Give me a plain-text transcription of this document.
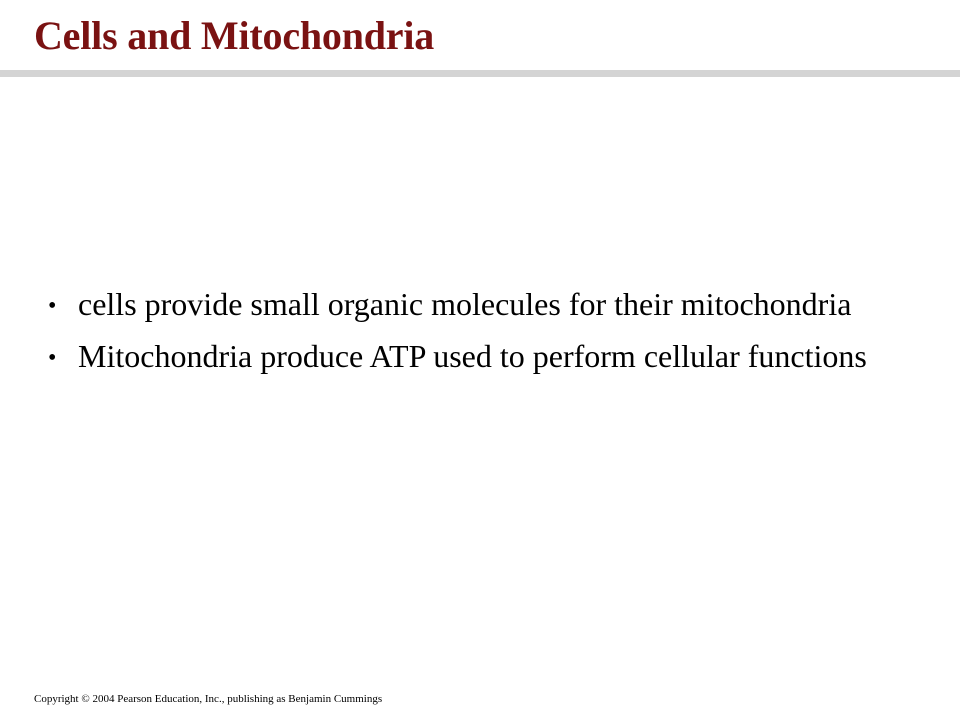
Cells and Mitochondria
• cells provide small organic molecules for their mitochondria
• Mitochondria produce ATP used to perform cellular functions
Copyright © 2004 Pearson Education, Inc., publishing as Benjamin Cummings
